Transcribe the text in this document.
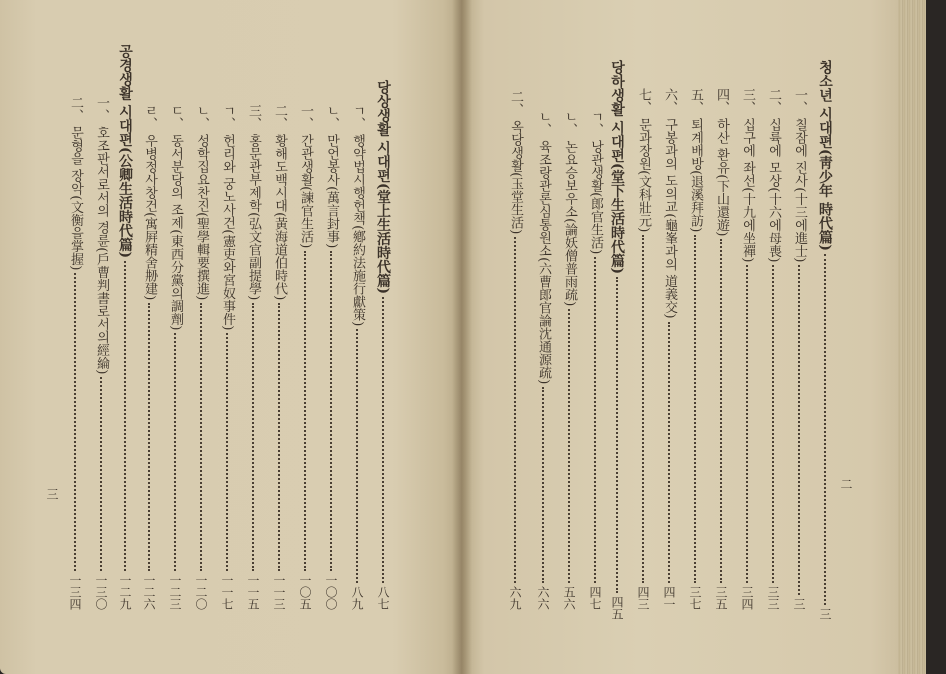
청소년 시대편(靑少年 時代篇)
三
一、 칠잠에 진사(十三에進士)
三
二、 십륙에 모상(十六에母喪)
三三
三、 십구에 좌선(十九에坐禪)
三四
四、 하산 환유(下山還遊)
三五
五、 퇴계배방(退溪拜訪)
三七
六、 구봉과의 도의교(龜峯과의 道義交)
四一
七、 문과장원(文科壯元)
四三
당하생활 시대편(堂下生活時代篇)
四五
ㄱ、 낭관생활(郎官生活)
四七
ㄴ、 논요승보우소(論妖僧普雨疏)
五六
ㄴ、 육조랑관론심통원소(六曹郎官論沈通源疏)
六六
二、 옥당생활(玉堂生活)
六九
二
당상생활 시대편(堂上生活時代篇)
八七
ㄱ、 행약법시행헌책(鄕約法施行獻策)
八九
ㄴ、 만언봉사(萬言封事)
一〇〇
一、 간관생활(諫官生活)
一〇五
二、 황해도백시대(黃海道伯時代)
一一三
三、 홍문관부제학(弘文官副提學)
一一五
ㄱ、 헌리와 궁노사건(憲吏와宮奴事件)
一一七
ㄴ、 성학집요찬진(聖學輯要撰進)
一二〇
ㄷ、 동서분당의 조제(東西分黨의調劑)
一二三
ㄹ、 우병정사창건(寓屛精舍刱建)
一二六
공경생활 시대편(公卿生活時代篇)
一二九
一、 호조판서로서의 경륜(戶曹判書로서의經綸)
一三〇
二、 문형을 장악(文衡을掌握)
一三四
三
